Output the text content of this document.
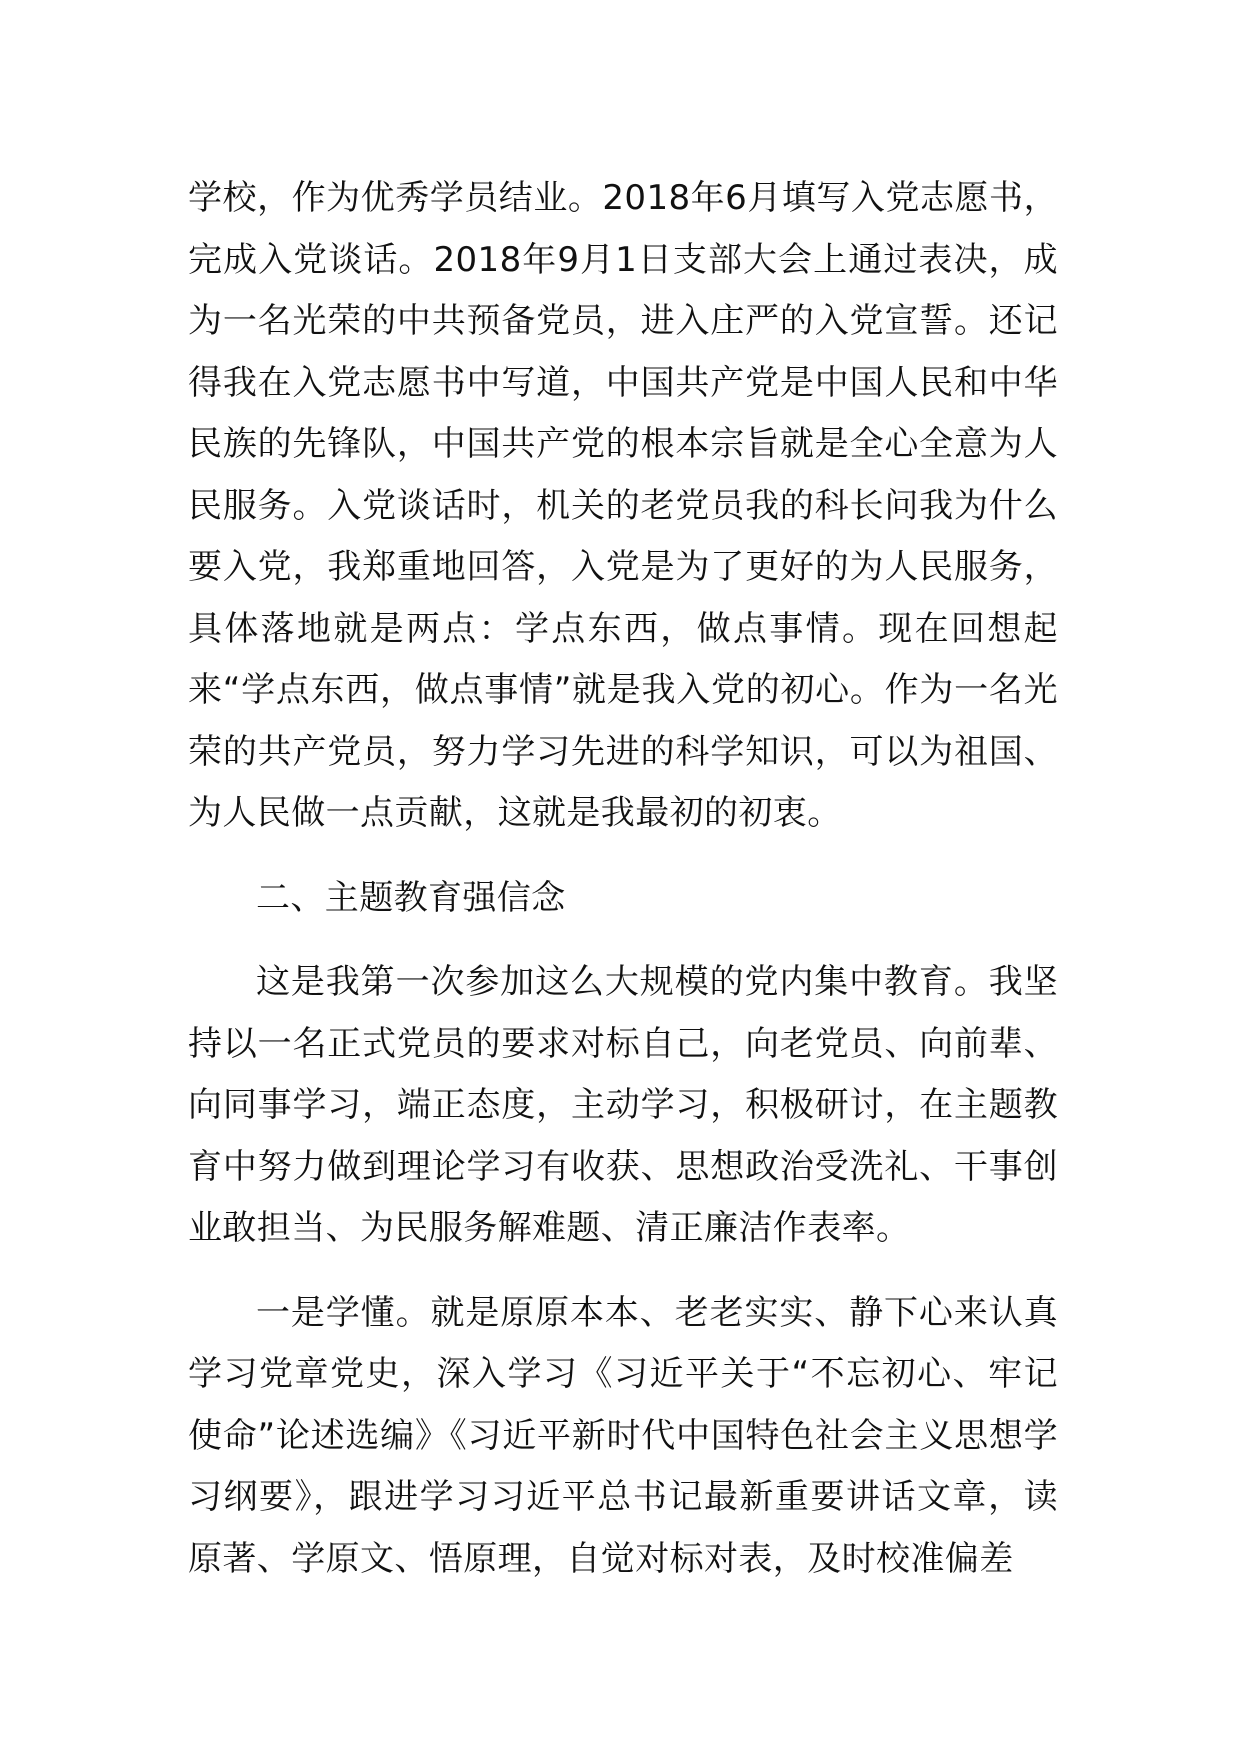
学校，作为优秀学员结业。2018年6月填写入党志愿书，完成入党谈话。2018年9月1日支部大会上通过表决，成为一名光荣的中共预备党员，进入庄严的入党宣誓。还记得我在入党志愿书中写道，中国共产党是中国人民和中华民族的先锋队，中国共产党的根本宗旨就是全心全意为人民服务。入党谈话时，机关的老党员我的科长问我为什么要入党，我郑重地回答，入党是为了更好的为人民服务，具体落地就是两点：学点东西，做点事情。现在回想起来“学点东西，做点事情”就是我入党的初心。作为一名光荣的共产党员，努力学习先进的科学知识，可以为祖国、为人民做一点贡献，这就是我最初的初衷。

二、主题教育强信念

这是我第一次参加这么大规模的党内集中教育。我坚持以一名正式党员的要求对标自己，向老党员、向前辈、向同事学习，端正态度，主动学习，积极研讨，在主题教育中努力做到理论学习有收获、思想政治受洗礼、干事创业敢担当、为民服务解难题、清正廉洁作表率。

一是学懂。就是原原本本、老老实实、静下心来认真学习党章党史，深入学习《习近平关于“不忘初心、牢记使命”论述选编》《习近平新时代中国特色社会主义思想学习纲要》，跟进学习习近平总书记最新重要讲话文章，读原著、学原文、悟原理，自觉对标对表，及时校准偏差
